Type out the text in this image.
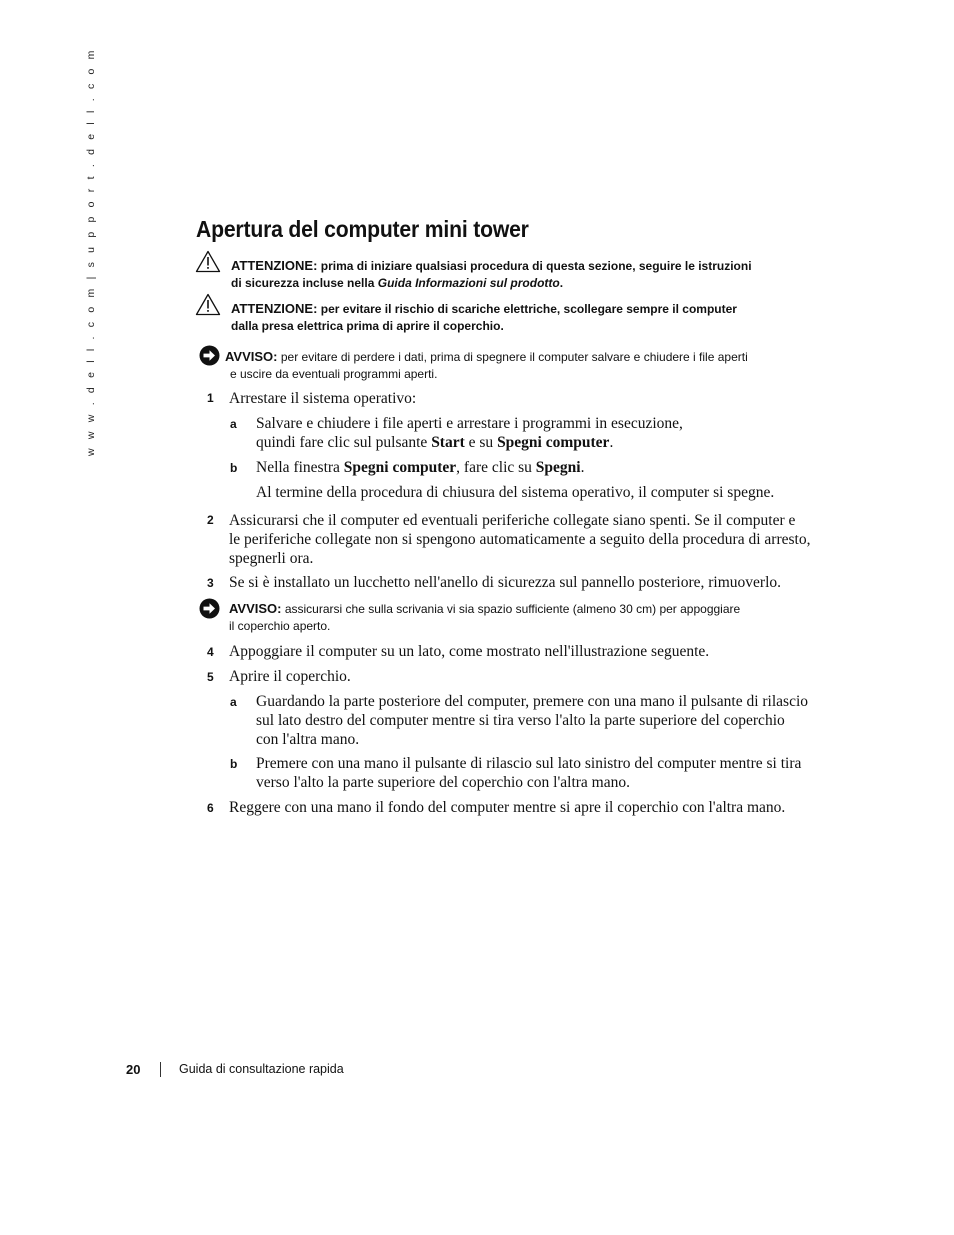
w w w . d e l l . c o m | s u p p o r t . d e l l . c o m	Apertura del computer mini tower
ATTENZIONE: prima di iniziare qualsiasi procedura di questa sezione, seguire le istruzioni
di sicurezza incluse nella Guida Informazioni sul prodotto.
ATTENZIONE: per evitare il rischio di scariche elettriche, scollegare sempre il computer
dalla presa elettrica prima di aprire il coperchio.
AVVISO: per evitare di perdere i dati, prima di spegnere il computer salvare e chiudere i file aperti
e uscire da eventuali programmi aperti.
1 Arrestare il sistema operativo:
a Salvare e chiudere i file aperti e arrestare i programmi in esecuzione,
quindi fare clic sul pulsante Start e su Spegni computer.
b Nella finestra Spegni computer, fare clic su Spegni.
Al termine della procedura di chiusura del sistema operativo, il computer si spegne.
2 Assicurarsi che il computer ed eventuali periferiche collegate siano spenti. Se il computer e
le periferiche collegate non si spengono automaticamente a seguito della procedura di arresto,
spegnerli ora.
3 Se si è installato un lucchetto nell'anello di sicurezza sul pannello posteriore, rimuoverlo.
AVVISO: assicurarsi che sulla scrivania vi sia spazio sufficiente (almeno 30 cm) per appoggiare
il coperchio aperto.
4 Appoggiare il computer su un lato, come mostrato nell'illustrazione seguente.
5 Aprire il coperchio.
a Guardando la parte posteriore del computer, premere con una mano il pulsante di rilascio
sul lato destro del computer mentre si tira verso l'alto la parte superiore del coperchio
con l'altra mano.
b Premere con una mano il pulsante di rilascio sul lato sinistro del computer mentre si tira
verso l'alto la parte superiore del coperchio con l'altra mano.
6 Reggere con una mano il fondo del computer mentre si apre il coperchio con l'altra mano.
20	Guida di consultazione rapida
